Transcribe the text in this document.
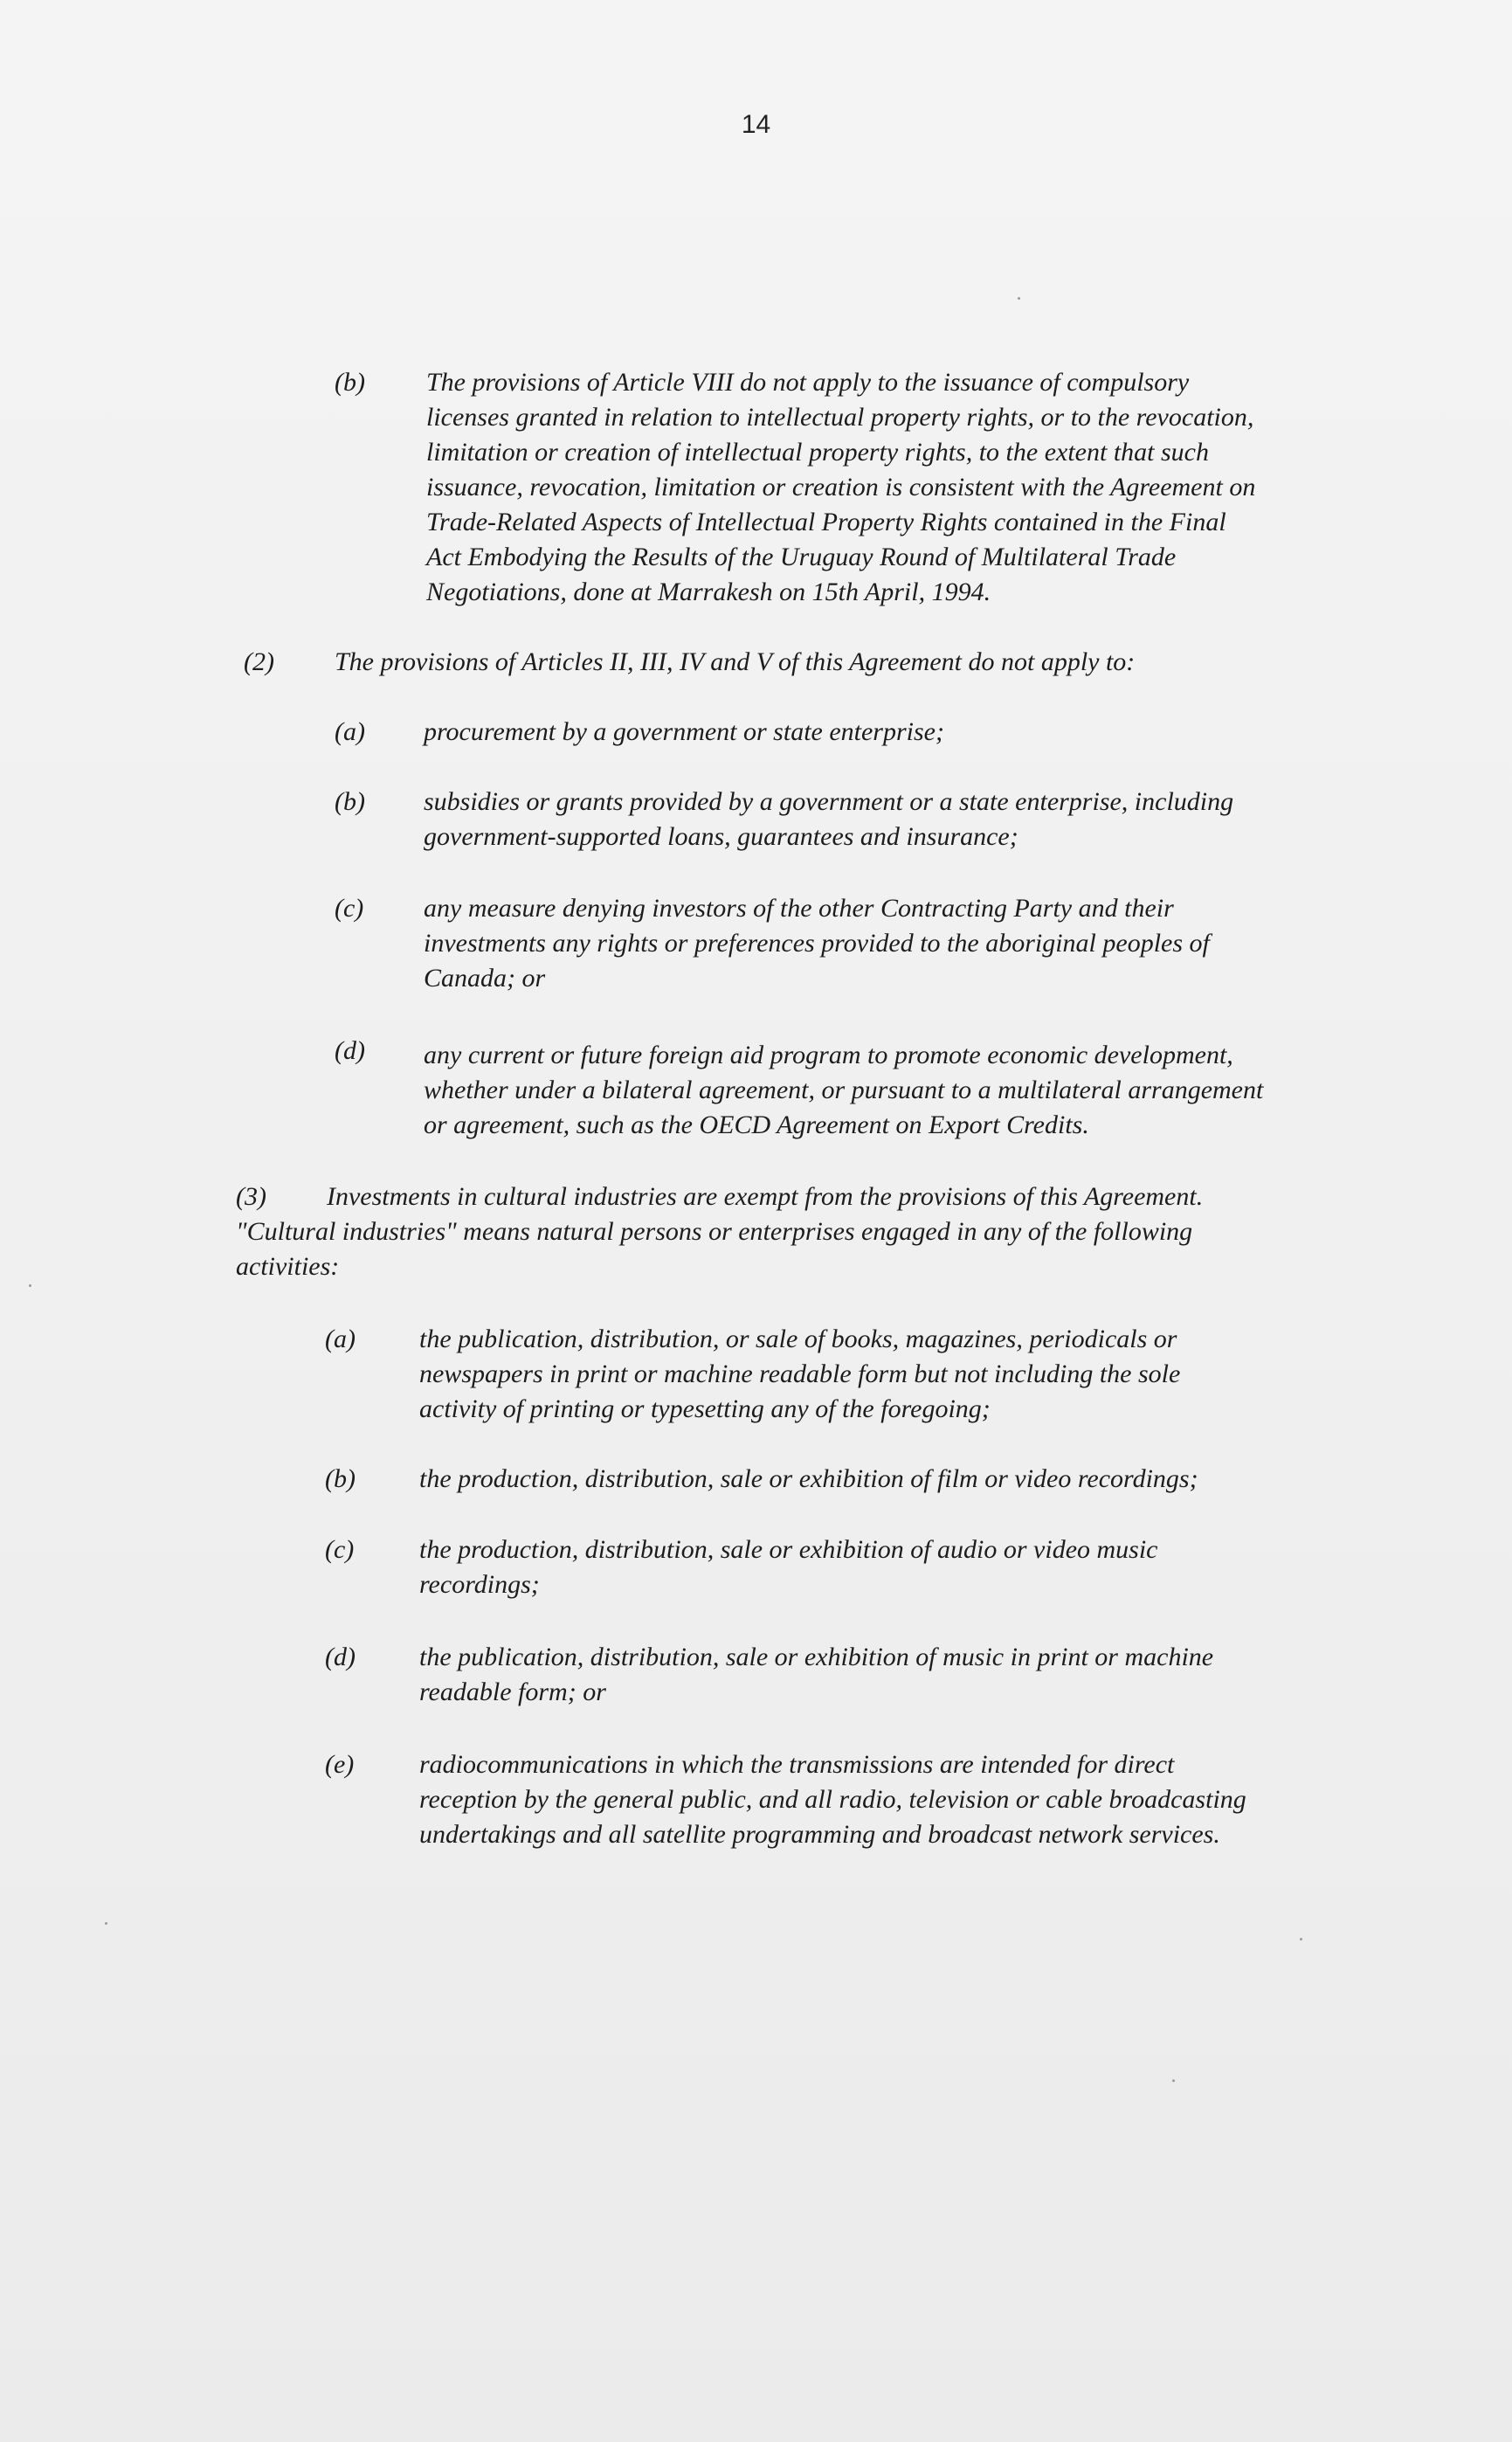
14
(b) The provisions of Article VIII do not apply to the issuance of compulsory
licenses granted in relation to intellectual property rights, or to the revocation,
limitation or creation of intellectual property rights, to the extent that such
issuance, revocation, limitation or creation is consistent with the Agreement on
Trade-Related Aspects of Intellectual Property Rights contained in the Final
Act Embodying the Results of the Uruguay Round of Multilateral Trade
Negotiations, done at Marrakesh on 15th April, 1994.
(2) The provisions of Articles II, III, IV and V of this Agreement do not apply to:
(a) procurement by a government or state enterprise;
(b) subsidies or grants provided by a government or a state enterprise, including
government-supported loans, guarantees and insurance;
(c) any measure denying investors of the other Contracting Party and their
investments any rights or preferences provided to the aboriginal peoples of
Canada; or
(d) any current or future foreign aid program to promote economic development,
whether under a bilateral agreement, or pursuant to a multilateral arrangement
or agreement, such as the OECD Agreement on Export Credits.
(3) Investments in cultural industries are exempt from the provisions of this Agreement.
"Cultural industries" means natural persons or enterprises engaged in any of the following
activities:
(a) the publication, distribution, or sale of books, magazines, periodicals or
newspapers in print or machine readable form but not including the sole
activity of printing or typesetting any of the foregoing;
(b) the production, distribution, sale or exhibition of film or video recordings;
(c) the production, distribution, sale or exhibition of audio or video music
recordings;
(d) the publication, distribution, sale or exhibition of music in print or machine
readable form; or
(e) radiocommunications in which the transmissions are intended for direct
reception by the general public, and all radio, television or cable broadcasting
undertakings and all satellite programming and broadcast network services.
